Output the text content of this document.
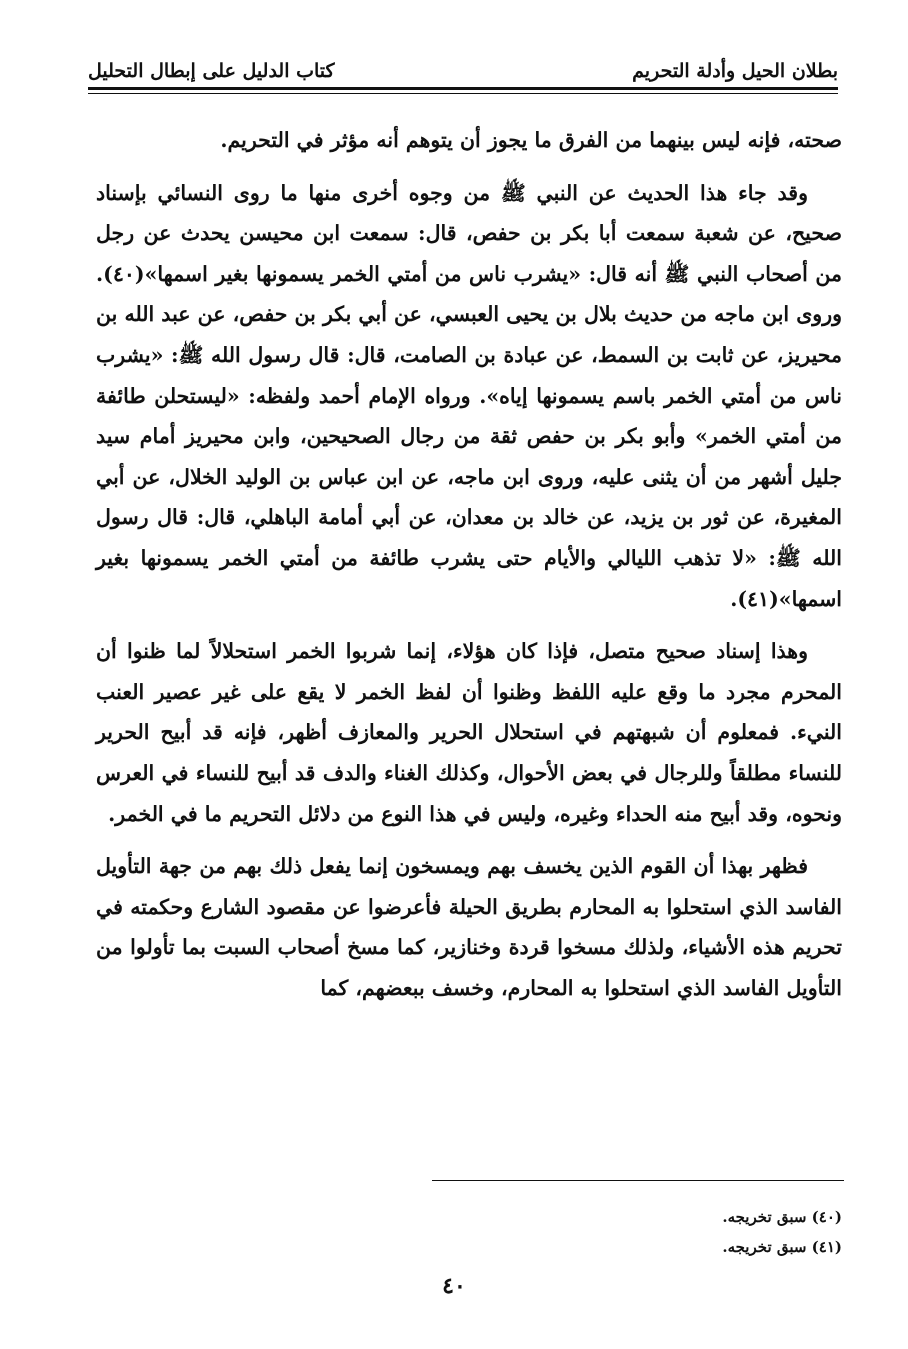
بطلان الحيل وأدلة التحريم
كتاب الدليل على إبطال التحليل

صحته، فإنه ليس بينهما من الفرق ما يجوز أن يتوهم أنه مؤثر في التحريم.

وقد جاء هذا الحديث عن النبي ﷺ من وجوه أخرى منها ما روى النسائي بإسناد صحيح، عن شعبة سمعت أبا بكر بن حفص، قال: سمعت ابن محيسن يحدث عن رجل من أصحاب النبي ﷺ أنه قال: «يشرب ناس من أمتي الخمر يسمونها بغير اسمها»(٤٠). وروى ابن ماجه من حديث بلال بن يحيى العبسي، عن أبي بكر بن حفص، عن عبد الله بن محيريز، عن ثابت بن السمط، عن عبادة بن الصامت، قال: قال رسول الله ﷺ: «يشرب ناس من أمتي الخمر باسم يسمونها إياه». ورواه الإمام أحمد ولفظه: «ليستحلن طائفة من أمتي الخمر» وأبو بكر بن حفص ثقة من رجال الصحيحين، وابن محيريز أمام سيد جليل أشهر من أن يثنى عليه، وروى ابن ماجه، عن ابن عباس بن الوليد الخلال، عن أبي المغيرة، عن ثور بن يزيد، عن خالد بن معدان، عن أبي أمامة الباهلي، قال: قال رسول الله ﷺ: «لا تذهب الليالي والأيام حتى يشرب طائفة من أمتي الخمر يسمونها بغير اسمها»(٤١).

وهذا إسناد صحيح متصل، فإذا كان هؤلاء، إنما شربوا الخمر استحلالاً لما ظنوا أن المحرم مجرد ما وقع عليه اللفظ وظنوا أن لفظ الخمر لا يقع على غير عصير العنب النيء. فمعلوم أن شبهتهم في استحلال الحرير والمعازف أظهر، فإنه قد أبيح الحرير للنساء مطلقاً وللرجال في بعض الأحوال، وكذلك الغناء والدف قد أبيح للنساء في العرس ونحوه، وقد أبيح منه الحداء وغيره، وليس في هذا النوع من دلائل التحريم ما في الخمر.

فظهر بهذا أن القوم الذين يخسف بهم ويمسخون إنما يفعل ذلك بهم من جهة التأويل الفاسد الذي استحلوا به المحارم بطريق الحيلة فأعرضوا عن مقصود الشارع وحكمته في تحريم هذه الأشياء، ولذلك مسخوا قردة وخنازير، كما مسخ أصحاب السبت بما تأولوا من التأويل الفاسد الذي استحلوا به المحارم، وخسف ببعضهم، كما

(٤٠) سبق تخريجه.
(٤١) سبق تخريجه.
٤٠
